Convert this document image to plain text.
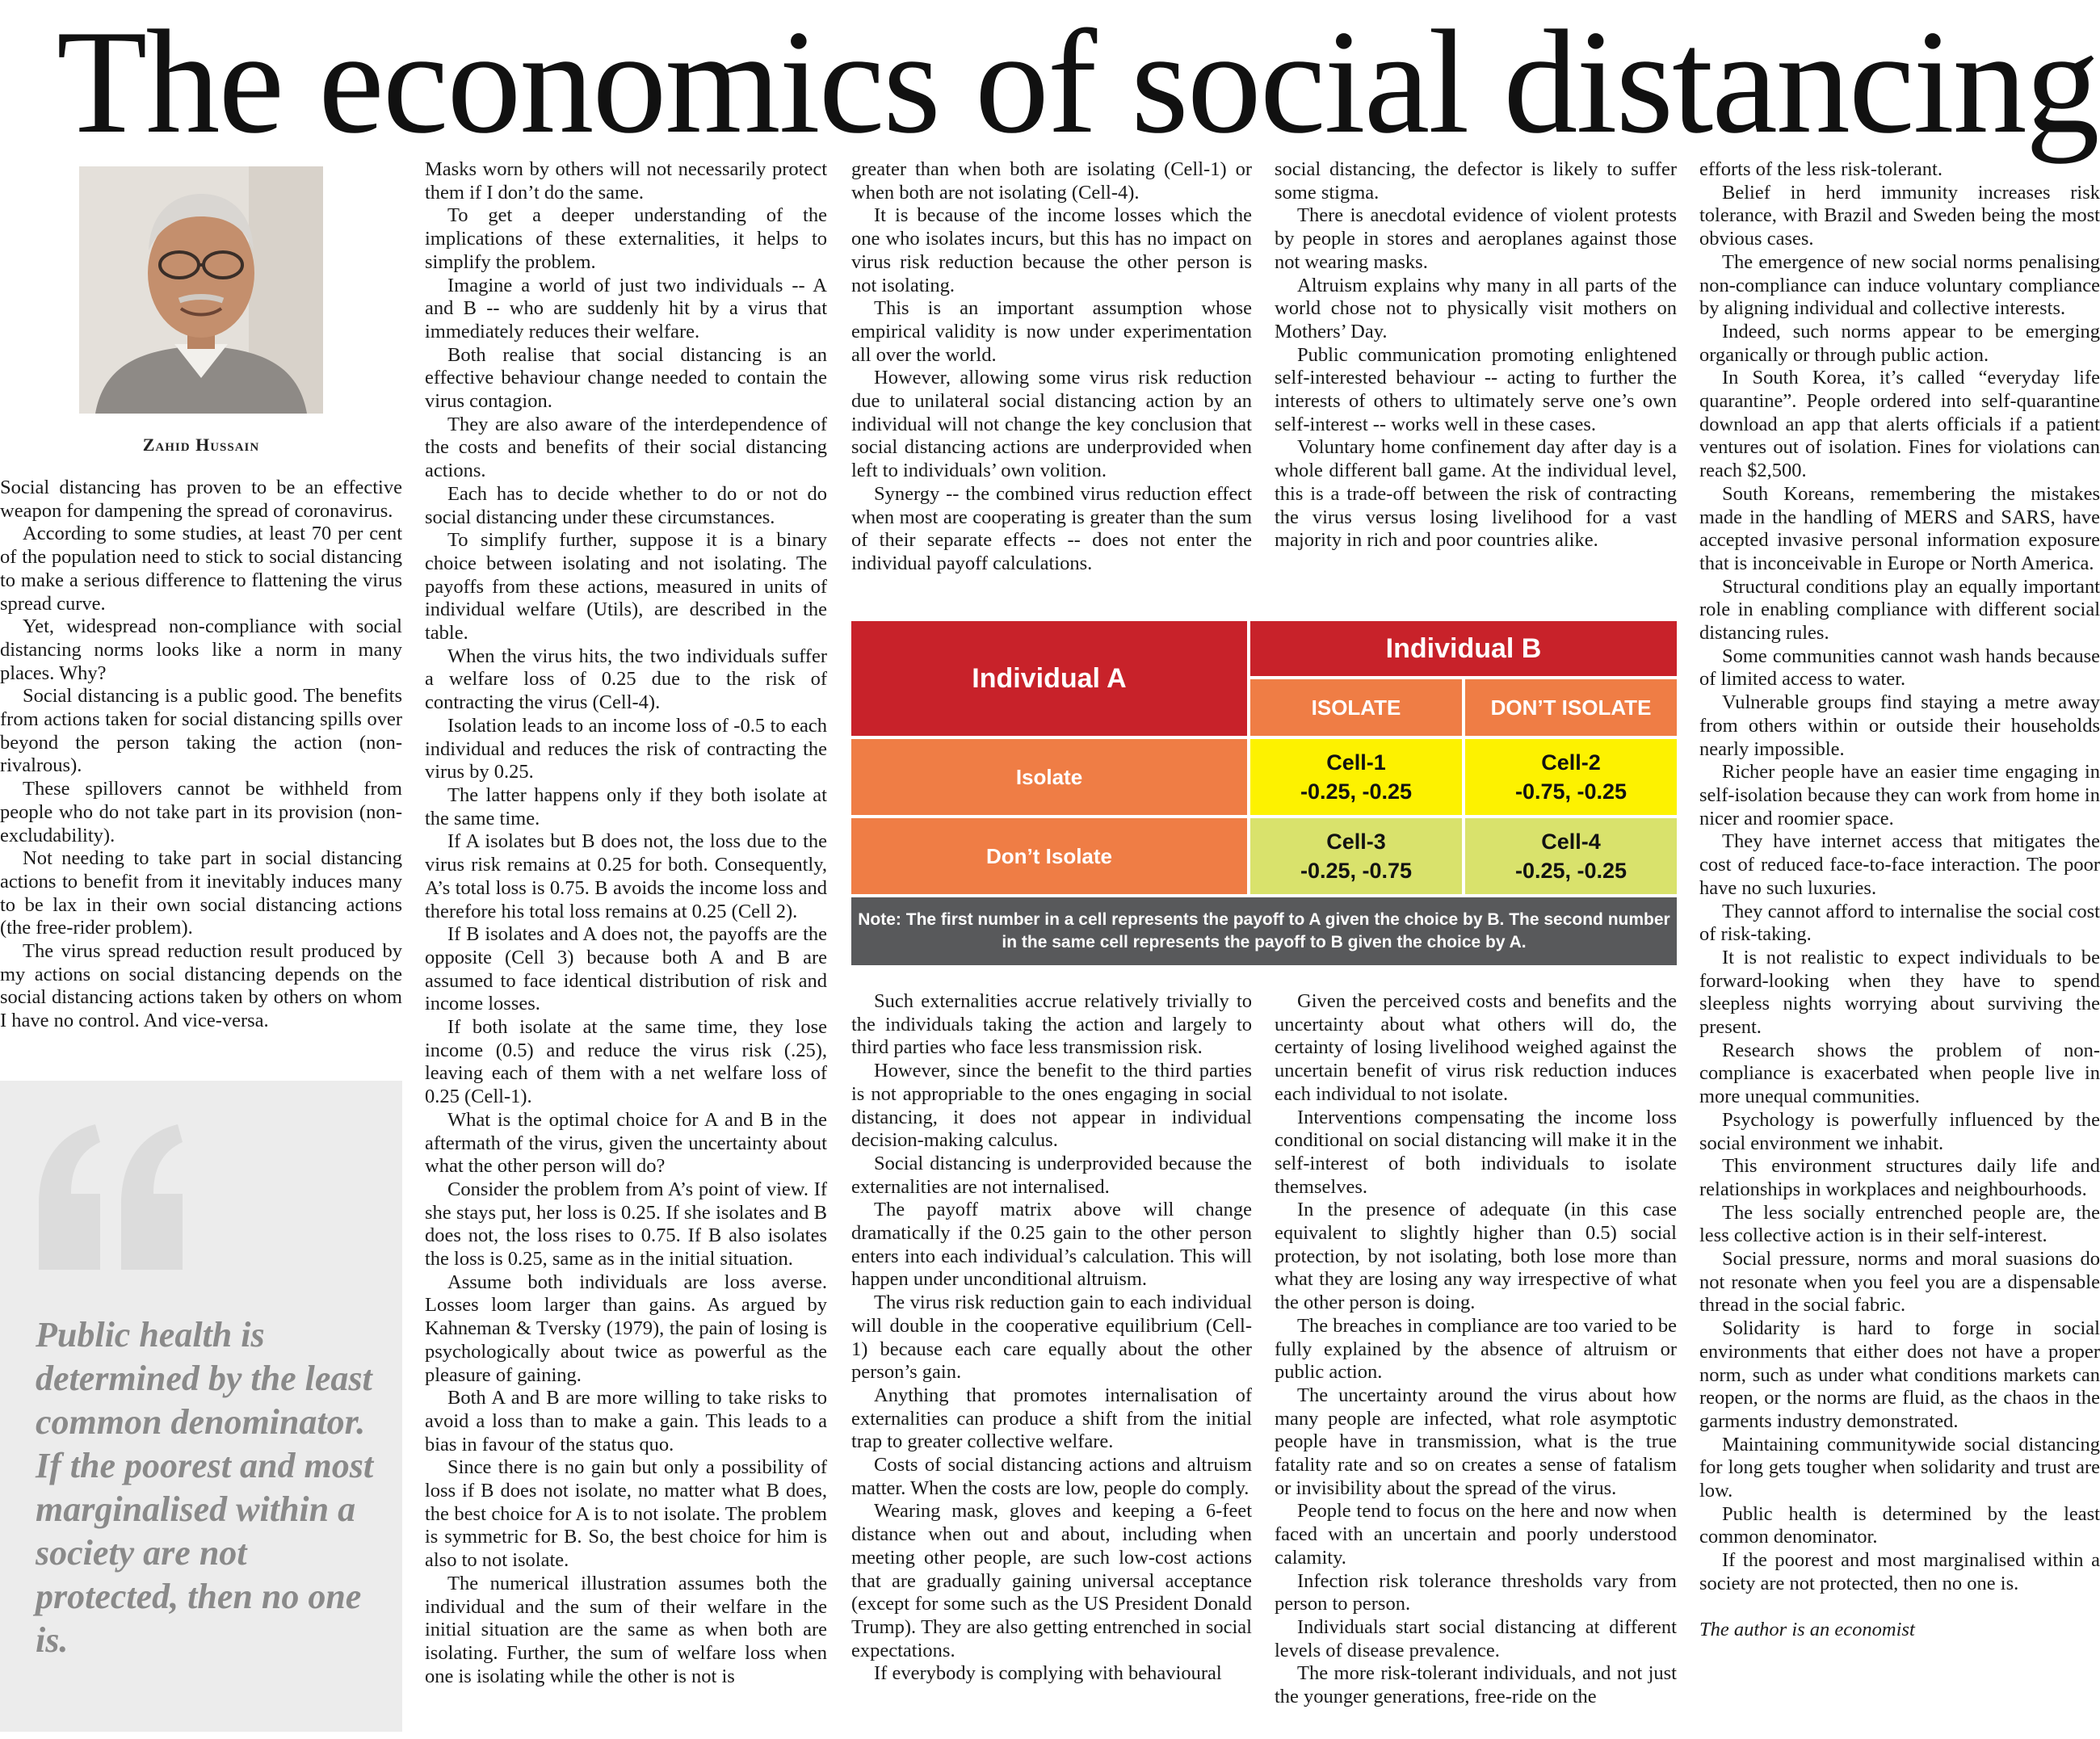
The economics of social distancing
Zahid Hussain

Social distancing has proven to be an effective weapon for dampening the spread of coronavirus.

According to some studies, at least 70 per cent of the population need to stick to social distancing to make a serious difference to flattening the virus spread curve.

Yet, widespread non-compliance with social distancing norms looks like a norm in many places. Why?

Social distancing is a public good. The benefits from actions taken for social distancing spills over beyond the person taking the action (non-rivalrous).

These spillovers cannot be withheld from people who do not take part in its provision (non-excludability).

Not needing to take part in social distancing actions to benefit from it inevitably induces many to be lax in their own social distancing actions (the free-rider problem).

The virus spread reduction result produced by my actions on social distancing depends on the social distancing actions taken by others on whom I have no control. And vice-versa.

Public health is determined by the least common denominator. If the poorest and most marginalised within a society are not protected, then no one is.

Masks worn by others will not necessarily protect them if I don’t do the same.

To get a deeper understanding of the implications of these externalities, it helps to simplify the problem.

Imagine a world of just two individuals -- A and B -- who are suddenly hit by a virus that immediately reduces their welfare.

Both realise that social distancing is an effective behaviour change needed to contain the virus contagion.

They are also aware of the interdependence of the costs and benefits of their social distancing actions.

Each has to decide whether to do or not do social distancing under these circumstances.

To simplify further, suppose it is a binary choice between isolating and not isolating. The payoffs from these actions, measured in units of individual welfare (Utils), are described in the table.

When the virus hits, the two individuals suffer a welfare loss of 0.25 due to the risk of contracting the virus (Cell-4).

Isolation leads to an income loss of -0.5 to each individual and reduces the risk of contracting the virus by 0.25.

The latter happens only if they both isolate at the same time.

If A isolates but B does not, the loss due to the virus risk remains at 0.25 for both. Consequently, A’s total loss is 0.75. B avoids the income loss and therefore his total loss remains at 0.25 (Cell 2).

If B isolates and A does not, the payoffs are the opposite (Cell 3) because both A and B are assumed to face identical distribution of risk and income losses.

If both isolate at the same time, they lose income (0.5) and reduce the virus risk (.25), leaving each of them with a net welfare loss of 0.25 (Cell-1).

What is the optimal choice for A and B in the aftermath of the virus, given the uncertainty about what the other person will do?

Consider the problem from A’s point of view. If she stays put, her loss is 0.25. If she isolates and B does not, the loss rises to 0.75. If B also isolates the loss is 0.25, same as in the initial situation.

Assume both individuals are loss averse. Losses loom larger than gains. As argued by Kahneman & Tversky (1979), the pain of losing is psychologically about twice as powerful as the pleasure of gaining.

Both A and B are more willing to take risks to avoid a loss than to make a gain. This leads to a bias in favour of the status quo.

Since there is no gain but only a possibility of loss if B does not isolate, no matter what B does, the best choice for A is to not isolate. The problem is symmetric for B. So, the best choice for him is also to not isolate.

The numerical illustration assumes both the individual and the sum of their welfare in the initial situation are the same as when both are isolating. Further, the sum of welfare loss when one is isolating while the other is not is

greater than when both are isolating (Cell-1) or when both are not isolating (Cell-4).

It is because of the income losses which the one who isolates incurs, but this has no impact on virus risk reduction because the other person is not isolating.

This is an important assumption whose empirical validity is now under experimentation all over the world.

However, allowing some virus risk reduction due to unilateral social distancing action by an individual will not change the key conclusion that social distancing actions are underprovided when left to individuals’ own volition.

Synergy -- the combined virus reduction effect when most are cooperating is greater than the sum of their separate effects -- does not enter the individual payoff calculations.

social distancing, the defector is likely to suffer some stigma.

There is anecdotal evidence of violent protests by people in stores and aeroplanes against those not wearing masks.

Altruism explains why many in all parts of the world chose not to physically visit mothers on Mothers’ Day.

Public communication promoting enlightened self-interested behaviour -- acting to further the interests of others to ultimately serve one’s own self-interest -- works well in these cases.

Voluntary home confinement day after day is a whole different ball game. At the individual level, this is a trade-off between the risk of contracting the virus versus losing livelihood for a vast majority in rich and poor countries alike.

Individual A
Individual B
ISOLATE	DON’T ISOLATE
Isolate
Cell-1
-0.25, -0.25
Cell-2
-0.75, -0.25
Don’t Isolate
Cell-3
-0.25, -0.75
Cell-4
-0.25, -0.25
Note: The first number in a cell represents the payoff to A given the choice by B. The second number
in the same cell represents the payoff to B given the choice by A.

Such externalities accrue relatively trivially to the individuals taking the action and largely to third parties who face less transmission risk.

However, since the benefit to the third parties is not appropriable to the ones engaging in social distancing, it does not appear in individual decision-making calculus.

Social distancing is underprovided because the externalities are not internalised.

The payoff matrix above will change dramatically if the 0.25 gain to the other person enters into each individual’s calculation. This will happen under unconditional altruism.

The virus risk reduction gain to each individual will double in the cooperative equilibrium (Cell-1) because each care equally about the other person’s gain.

Anything that promotes internalisation of externalities can produce a shift from the initial trap to greater collective welfare.

Costs of social distancing actions and altruism matter. When the costs are low, people do comply.

Wearing mask, gloves and keeping a 6-feet distance when out and about, including when meeting other people, are such low-cost actions that are gradually gaining universal acceptance (except for some such as the US President Donald Trump). They are also getting entrenched in social expectations.

If everybody is complying with behavioural

Given the perceived costs and benefits and the uncertainty about what others will do, the certainty of losing livelihood weighed against the uncertain benefit of virus risk reduction induces each individual to not isolate.

Interventions compensating the income loss conditional on social distancing will make it in the self-interest of both individuals to isolate themselves.

In the presence of adequate (in this case equivalent to slightly higher than 0.5) social protection, by not isolating, both lose more than what they are losing any way irrespective of what the other person is doing.

The breaches in compliance are too varied to be fully explained by the absence of altruism or public action.

The uncertainty around the virus about how many people are infected, what role asymptotic people have in transmission, what is the true fatality rate and so on creates a sense of fatalism or invisibility about the spread of the virus.

People tend to focus on the here and now when faced with an uncertain and poorly understood calamity.

Infection risk tolerance thresholds vary from person to person.

Individuals start social distancing at different levels of disease prevalence.

The more risk-tolerant individuals, and not just the younger generations, free-ride on the

efforts of the less risk-tolerant.

Belief in herd immunity increases risk tolerance, with Brazil and Sweden being the most obvious cases.

The emergence of new social norms penalising non-compliance can induce voluntary compliance by aligning individual and collective interests.

Indeed, such norms appear to be emerging organically or through public action.

In South Korea, it’s called “everyday life quarantine”. People ordered into self-quarantine download an app that alerts officials if a patient ventures out of isolation. Fines for violations can reach $2,500.

South Koreans, remembering the mistakes made in the handling of MERS and SARS, have accepted invasive personal information exposure that is inconceivable in Europe or North America.

Structural conditions play an equally important role in enabling compliance with different social distancing rules.

Some communities cannot wash hands because of limited access to water.

Vulnerable groups find staying a metre away from others within or outside their households nearly impossible.

Richer people have an easier time engaging in self-isolation because they can work from home in nicer and roomier space.

They have internet access that mitigates the cost of reduced face-to-face interaction. The poor have no such luxuries.

They cannot afford to internalise the social cost of risk-taking.

It is not realistic to expect individuals to be forward-looking when they have to spend sleepless nights worrying about surviving the present.

Research shows the problem of non-compliance is exacerbated when people live in more unequal communities.

Psychology is powerfully influenced by the social environment we inhabit.

This environment structures daily life and relationships in workplaces and neighbourhoods.

The less socially entrenched people are, the less collective action is in their self-interest.

Social pressure, norms and moral suasions do not resonate when you feel you are a dispensable thread in the social fabric.

Solidarity is hard to forge in social environments that either does not have a proper norm, such as under what conditions markets can reopen, or the norms are fluid, as the chaos in the garments industry demonstrated.

Maintaining communitywide social distancing for long gets tougher when solidarity and trust are low.

Public health is determined by the least common denominator.

If the poorest and most marginalised within a society are not protected, then no one is.

The author is an economist
